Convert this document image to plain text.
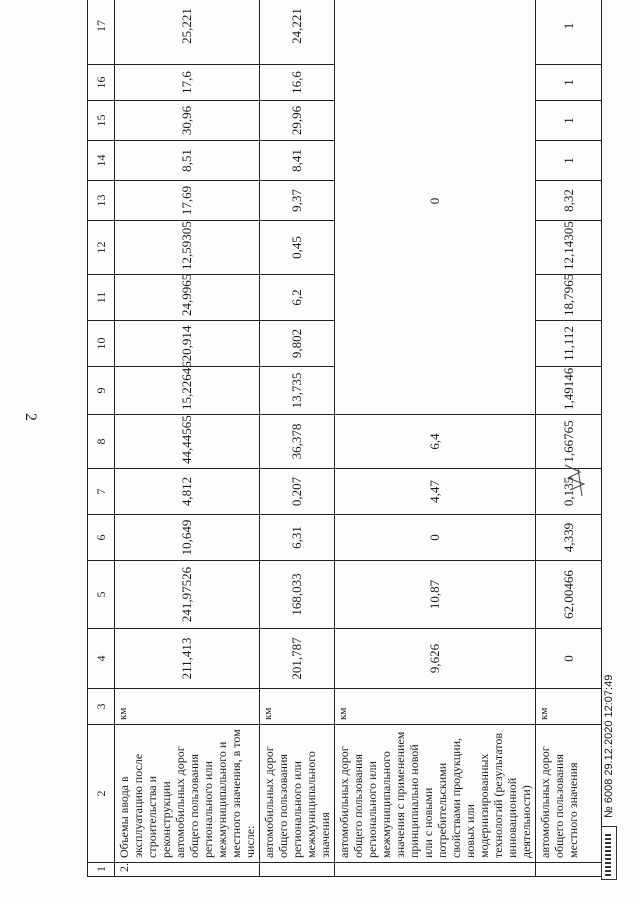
2
1	2	3	4	5	6	7	8	9	10	11	12	13	14	15	16	17
2.	Объемы ввода в эксплуатацию после строительства и реконструкции автомобильных дорог общего пользования регионального или межмуниципального и местного значения, в том числе:	км	211,413	241,97526	10,649	4,812	44,44565	15,22646	20,914	24,9965	12,59305	17,69	8,51	30,96	17,6	25,221
	автомобильных дорог общего пользования регионального или межмуниципального значения	км	201,787	168,033	6,31	0,207	36,378	13,735	9,802	6,2	0,45	9,37	8,41	29,96	16,6	24,221
	автомобильных дорог общего пользования регионального или межмуниципального значения с применением принципиально новой или с новыми потребительскими свойствами продукции, новых или модернизированных технологий (результатов инновационной деятельности)	км	9,626	10,87	0	4,47	6,4	0								
	автомобильных дорог общего пользования местного значения	км	0	62,00466	4,339	0,135	1,66765	1,49146	11,112	18,7965	12,14305	8,32	1	1	1	1
№ 6008 29.12.2020 12:07:49
